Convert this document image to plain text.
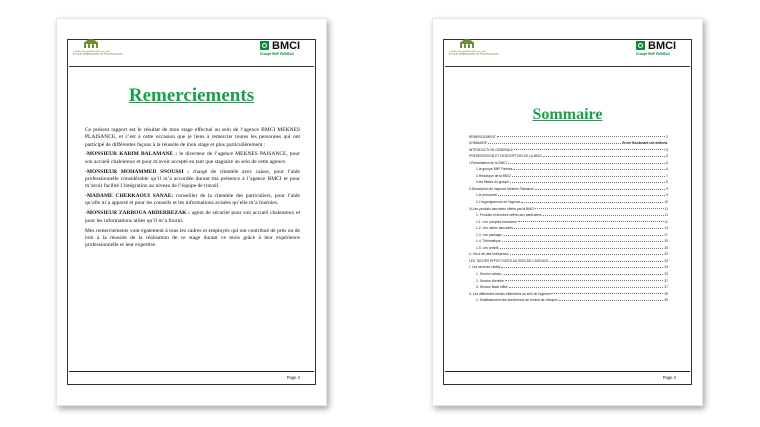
المدرسة العليا للتكنولوجيا بمكناس
ÉCOLE SUPÉRIEURE DE TECHNOLOGIE
BMCI
Groupe BNP PARIBAS
Remerciements

Ce présent rapport est le résultat de mon stage effectué au sein de l’agence BMCI MEKNES PLAISANCE, et c’est à cette occasion que je tiens à remercier toutes les personnes qui ont participé de différentes façons à la réussite de mon stage et plus particulièrement :

-MONSIEUR KARIM BALAMANE : le directeur de l’agence MEKNES PAISANCE, pour son accueil chaleureux et pour m'avoir accepté en tant que stagiaire au sein de cette agence.

-MONSIEUR MOHAMMED SNOUSSI : chargé de clientèle avec caisse, pour l’aide professionnelle considérable qu’il m’a accordée durant ma présence à l’agence BMCI et pour m’avoir facilité l’intégration au niveau de l’équipe de travail.

-MADAME CHERKAOUI SANAE: conseiller de la clientèle des particuliers, pour l’aide qu’elle m’a apporté et pour les conseils et les informations avisées qu’elle m’a fournies.

-MONSIEUR ZARBOUA ABDERREZAK : agent de sécurité pour son accueil chaleureux et pour les informations utiles qu’il m’a fourni.

Mes remerciements vont également à tous les cadres et employés qui ont contribué de près ou de loin à la réussite de la réalisation de ce stage durant ce mois grâce à leur expérience professionnelle et leur expertise.

Page 2
المدرسة العليا للتكنولوجيا بمكناس
ÉCOLE SUPÉRIEURE DE TECHNOLOGIE
BMCI
Groupe BNP PARIBAS
Sommaire
REMERCIEMENT	2
SOMMAIRE	Error! Bookmark not defined.
INTRODUCTION GENERALE	5
PRESENTATION ET DESCRIPTION DE LA BMCI	6
I-Présentation de la BMCI	6
1-la groupe BNP Paribas	6
2-Historique de la BMCI	7
3-les filiales du groupe	8
II-Description de l’agence Meknès Plaisance	9
1-le personnel	9
2-L’organigramme de l’agence	10
III-Les produits bancaires offerts par la BMCI	11
1- Produits et services offerts aux particuliers	11
1-1. Les comptes bancaires	11
1-2. Les cartes bancaires	14
1-3. Les package	27
1-4. Télématique	29
1-5. Les crédits	30
2- Vis à vis des entreprises	32
LES TACHES EFFECTUEES AU SEIN DE L’AGENCE	33
I- Les services visités	33
1- Service caisse	33
2- Service clientèle	37
3- Service Back office	37
II- Les différentes tâches effectuées au sein de l’agence	39
1- Etablissement des bordereaux de remise de chèques	39
Page 3
